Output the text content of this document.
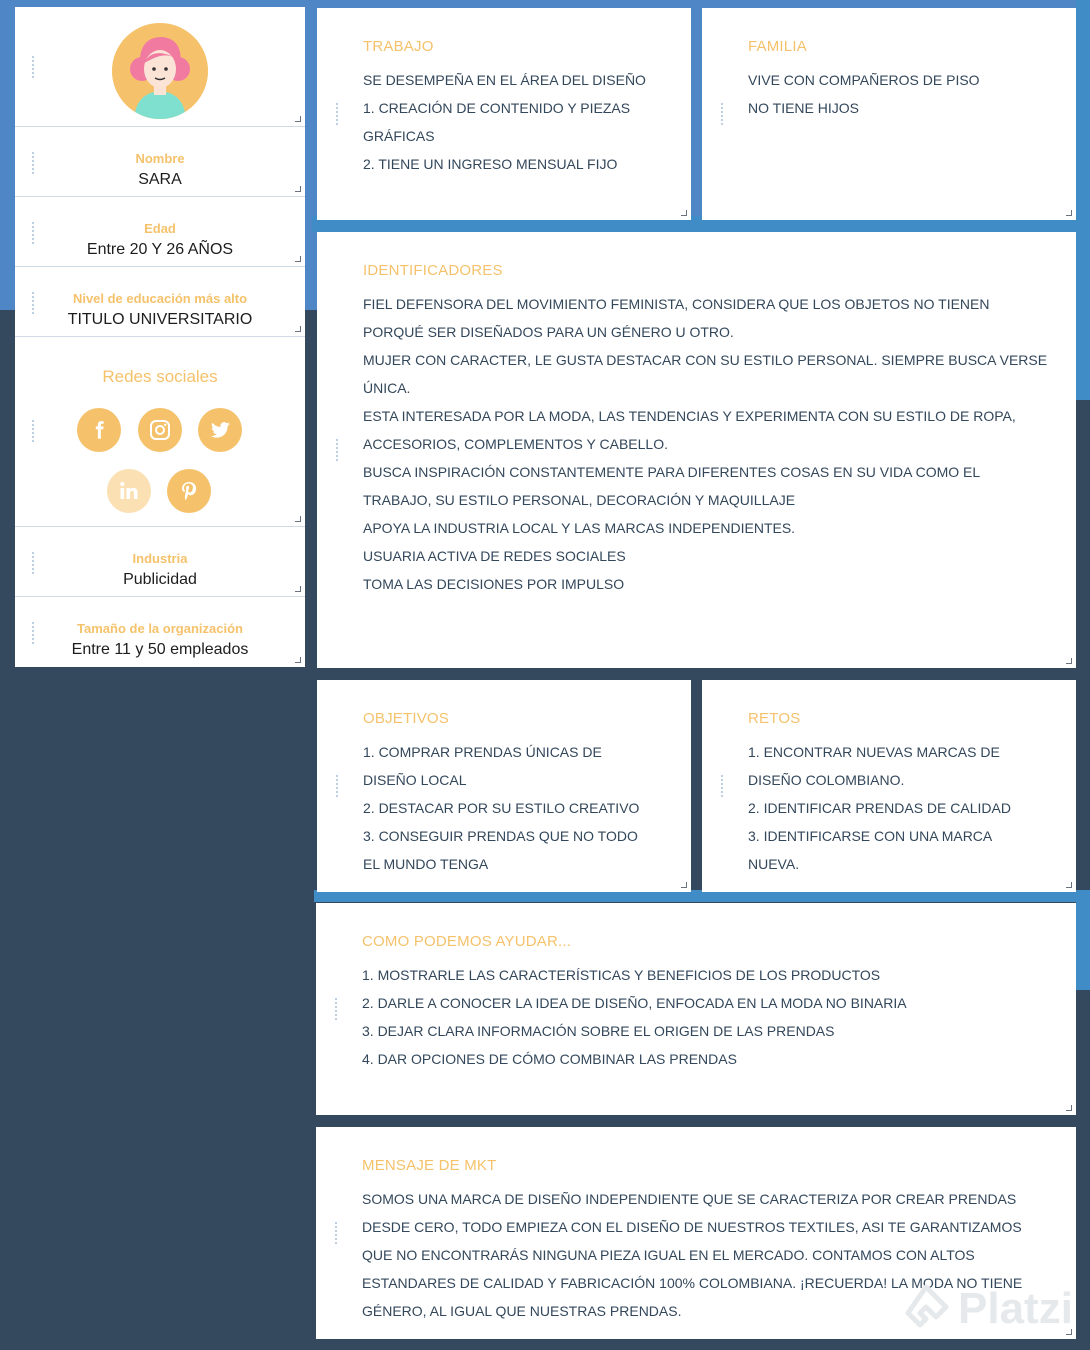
Nombre
SARA
Edad
Entre 20 Y 26 AÑOS
Nivel de educación más alto
TITULO UNIVERSITARIO
Redes sociales
Industria
Publicidad
Tamaño de la organización
Entre 11 y 50 empleados
TRABAJO
SE DESEMPEÑA EN EL ÁREA DEL DISEÑO
1. CREACIÓN DE CONTENIDO Y PIEZAS
GRÁFICAS
2. TIENE UN INGRESO MENSUAL FIJO
FAMILIA
VIVE CON COMPAÑEROS DE PISO
NO TIENE HIJOS
IDENTIFICADORES
FIEL DEFENSORA DEL MOVIMIENTO FEMINISTA, CONSIDERA QUE LOS OBJETOS NO TIENEN
PORQUÉ SER DISEÑADOS PARA UN GÉNERO U OTRO.
MUJER CON CARACTER, LE GUSTA DESTACAR CON SU ESTILO PERSONAL. SIEMPRE BUSCA VERSE
ÚNICA.
ESTA INTERESADA POR LA MODA, LAS TENDENCIAS Y EXPERIMENTA CON SU ESTILO DE ROPA,
ACCESORIOS, COMPLEMENTOS Y CABELLO.
BUSCA INSPIRACIÓN CONSTANTEMENTE PARA DIFERENTES COSAS EN SU VIDA COMO EL
TRABAJO, SU ESTILO PERSONAL, DECORACIÓN Y MAQUILLAJE
APOYA LA INDUSTRIA LOCAL Y LAS MARCAS INDEPENDIENTES.
USUARIA ACTIVA DE REDES SOCIALES
TOMA LAS DECISIONES POR IMPULSO
OBJETIVOS
1. COMPRAR PRENDAS ÚNICAS DE
DISEÑO LOCAL
2. DESTACAR POR SU ESTILO CREATIVO
3. CONSEGUIR PRENDAS QUE NO TODO
EL MUNDO TENGA
RETOS
1. ENCONTRAR NUEVAS MARCAS DE
DISEÑO COLOMBIANO.
2. IDENTIFICAR PRENDAS DE CALIDAD
3. IDENTIFICARSE CON UNA MARCA
NUEVA.
COMO PODEMOS AYUDAR...
1. MOSTRARLE LAS CARACTERÍSTICAS Y BENEFICIOS DE LOS PRODUCTOS
2. DARLE A CONOCER LA IDEA DE DISEÑO, ENFOCADA EN LA MODA NO BINARIA
3. DEJAR CLARA INFORMACIÓN SOBRE EL ORIGEN DE LAS PRENDAS
4. DAR OPCIONES DE CÓMO COMBINAR LAS PRENDAS
MENSAJE DE MKT
SOMOS UNA MARCA DE DISEÑO INDEPENDIENTE QUE SE CARACTERIZA POR CREAR PRENDAS
DESDE CERO, TODO EMPIEZA CON EL DISEÑO DE NUESTROS TEXTILES, ASI TE GARANTIZAMOS
QUE NO ENCONTRARÁS NINGUNA PIEZA IGUAL EN EL MERCADO. CONTAMOS CON ALTOS
ESTANDARES DE CALIDAD Y FABRICACIÓN 100% COLOMBIANA. ¡RECUERDA! LA MODA NO TIENE
GÉNERO, AL IGUAL QUE NUESTRAS PRENDAS.	Platzi
